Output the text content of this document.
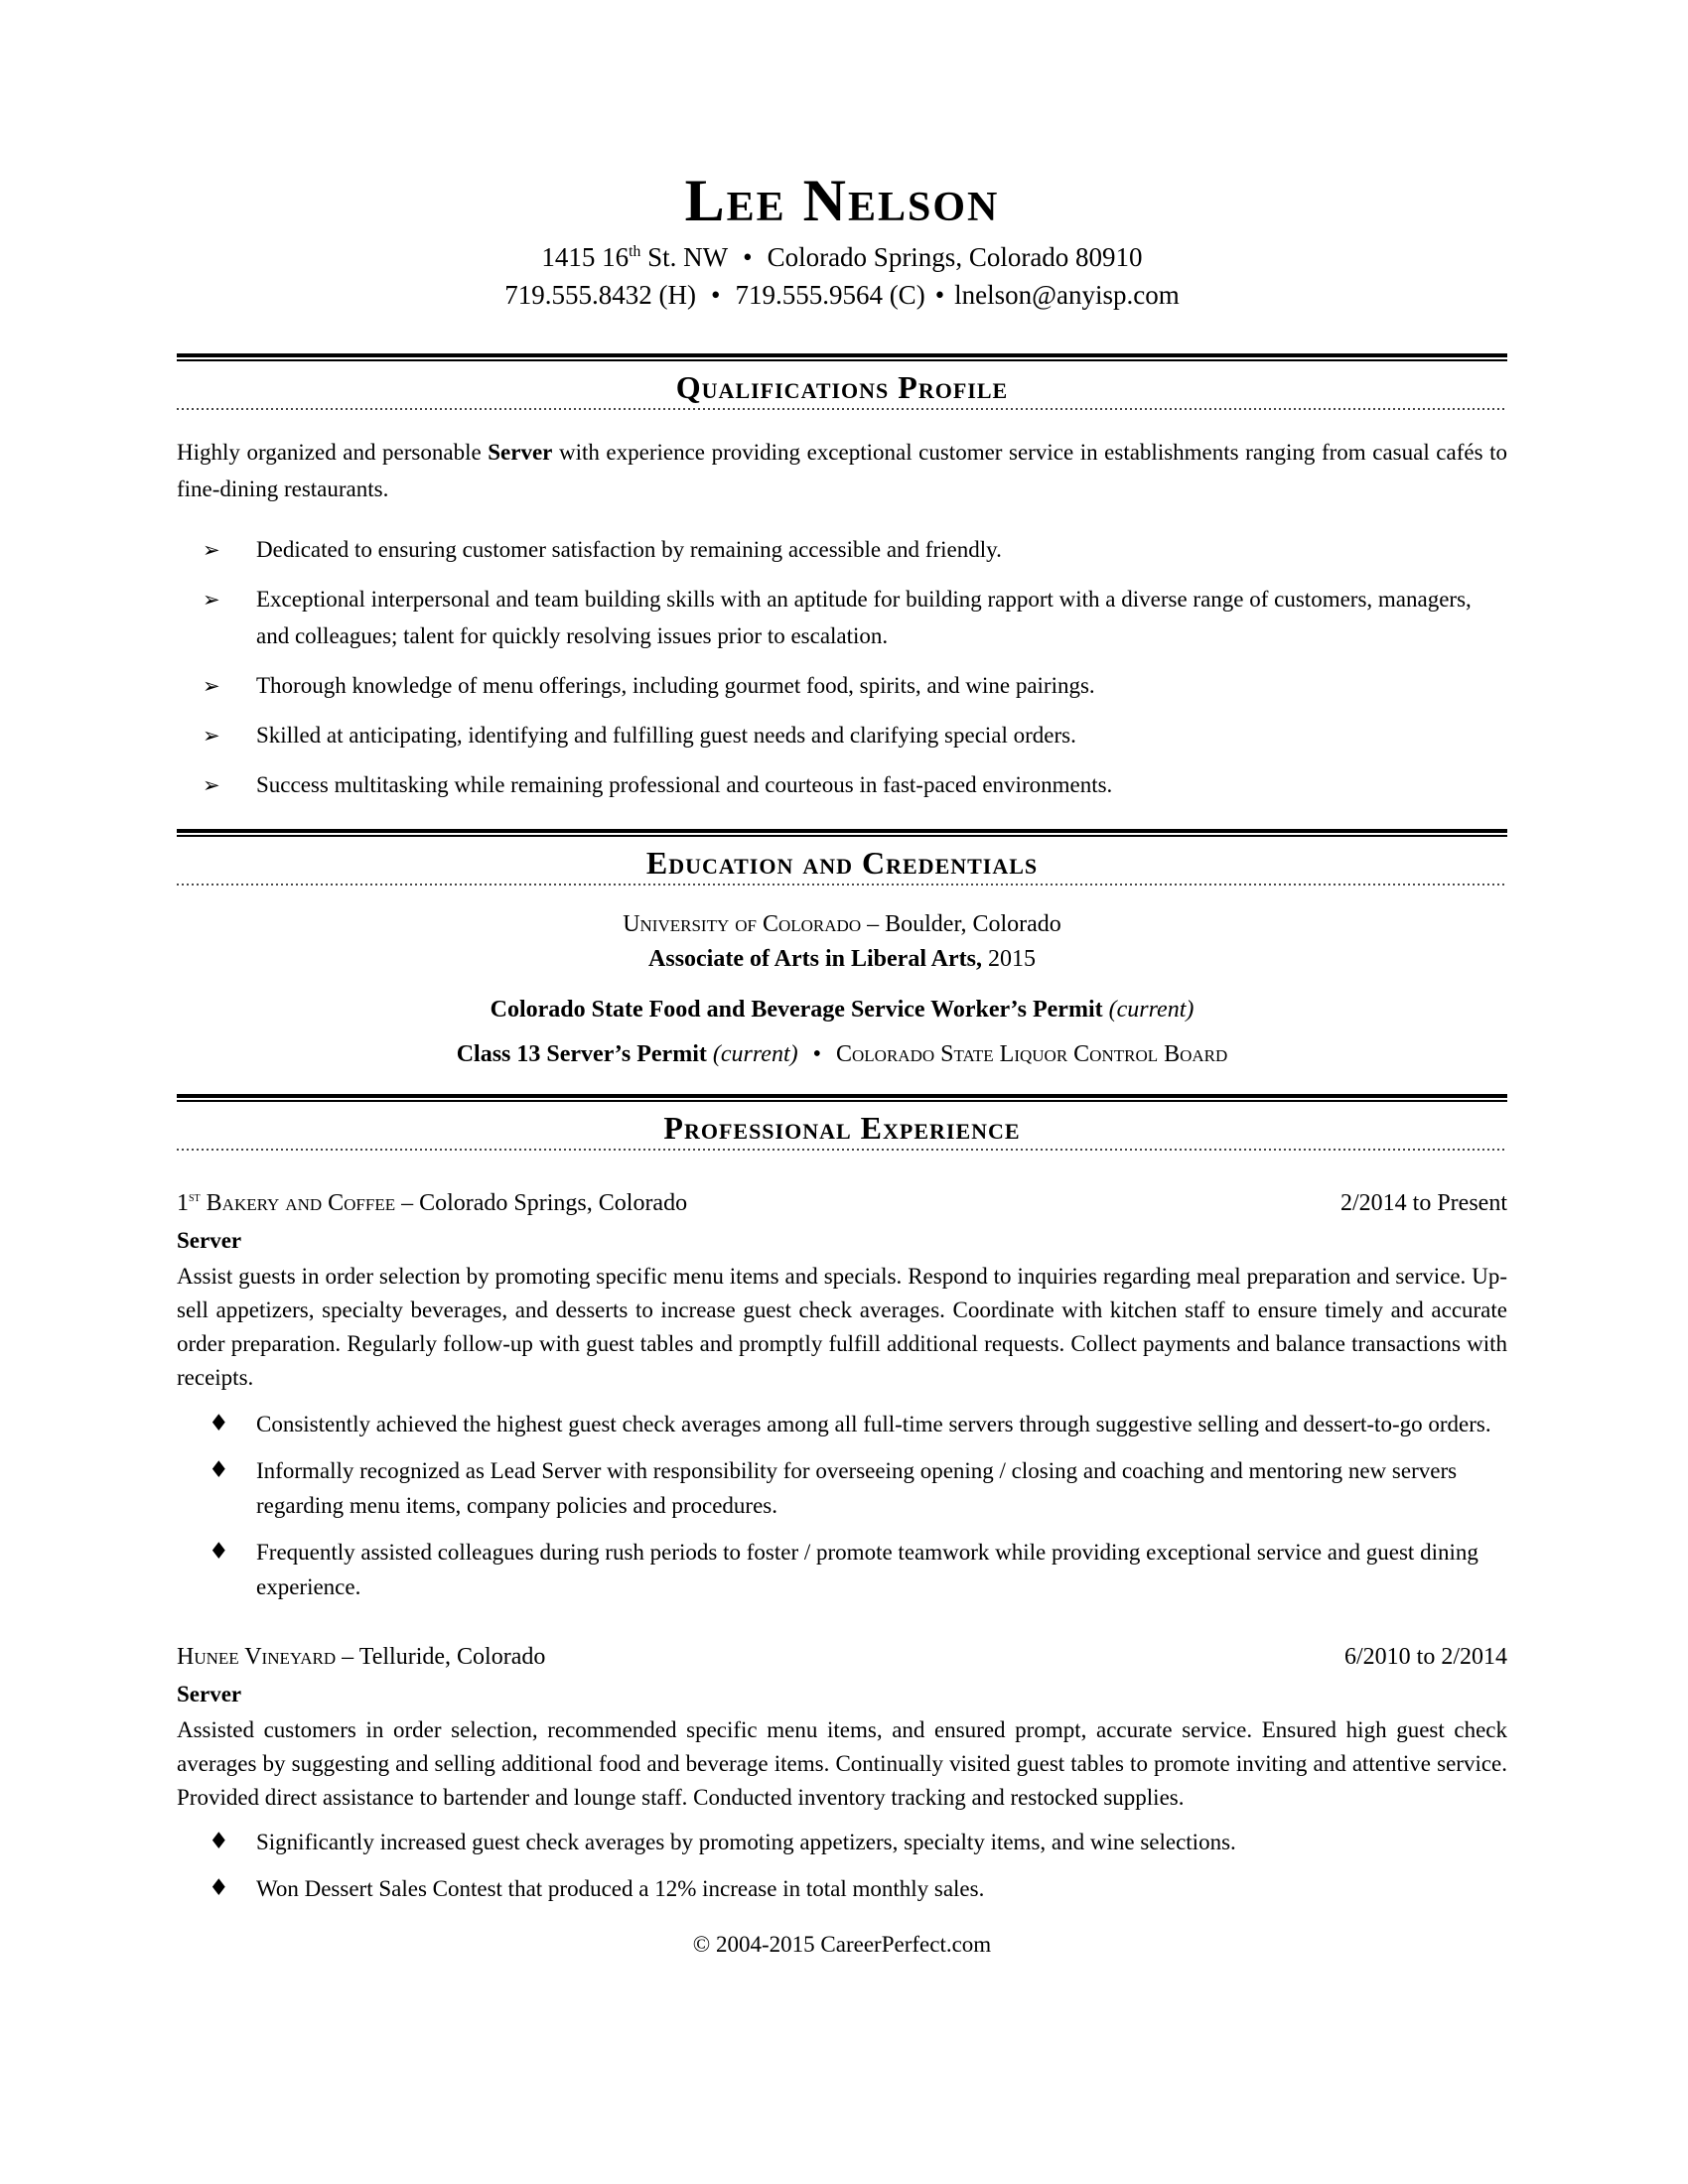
Lee Nelson
1415 16th St. NW • Colorado Springs, Colorado 80910
719.555.8432 (H) • 719.555.9564 (C) • lnelson@anyisp.com
Qualifications Profile

Highly organized and personable Server with experience providing exceptional customer service in establishments ranging from casual cafés to fine-dining restaurants.

➢ Dedicated to ensuring customer satisfaction by remaining accessible and friendly.
➢ Exceptional interpersonal and team building skills with an aptitude for building rapport with a diverse range of customers, managers, and colleagues; talent for quickly resolving issues prior to escalation.
➢ Thorough knowledge of menu offerings, including gourmet food, spirits, and wine pairings.
➢ Skilled at anticipating, identifying and fulfilling guest needs and clarifying special orders.
➢ Success multitasking while remaining professional and courteous in fast-paced environments.
Education and Credentials

University of Colorado – Boulder, Colorado

Associate of Arts in Liberal Arts, 2015

Colorado State Food and Beverage Service Worker’s Permit (current)

Class 13 Server’s Permit (current) • Colorado State Liquor Control Board

Professional Experience
1st Bakery and Coffee – Colorado Springs, Colorado	2/2014 to Present

Server

Assist guests in order selection by promoting specific menu items and specials. Respond to inquiries regarding meal preparation and service. Up-sell appetizers, specialty beverages, and desserts to increase guest check averages. Coordinate with kitchen staff to ensure timely and accurate order preparation. Regularly follow-up with guest tables and promptly fulfill additional requests. Collect payments and balance transactions with receipts.

♦ Consistently achieved the highest guest check averages among all full-time servers through suggestive selling and dessert-to-go orders.
♦ Informally recognized as Lead Server with responsibility for overseeing opening / closing and coaching and mentoring new servers regarding menu items, company policies and procedures.
♦ Frequently assisted colleagues during rush periods to foster / promote teamwork while providing exceptional service and guest dining experience.
Hunee Vineyard – Telluride, Colorado	6/2010 to 2/2014

Server

Assisted customers in order selection, recommended specific menu items, and ensured prompt, accurate service. Ensured high guest check averages by suggesting and selling additional food and beverage items. Continually visited guest tables to promote inviting and attentive service. Provided direct assistance to bartender and lounge staff. Conducted inventory tracking and restocked supplies.

♦ Significantly increased guest check averages by promoting appetizers, specialty items, and wine selections.
♦ Won Dessert Sales Contest that produced a 12% increase in total monthly sales.

© 2004-2015 CareerPerfect.com
